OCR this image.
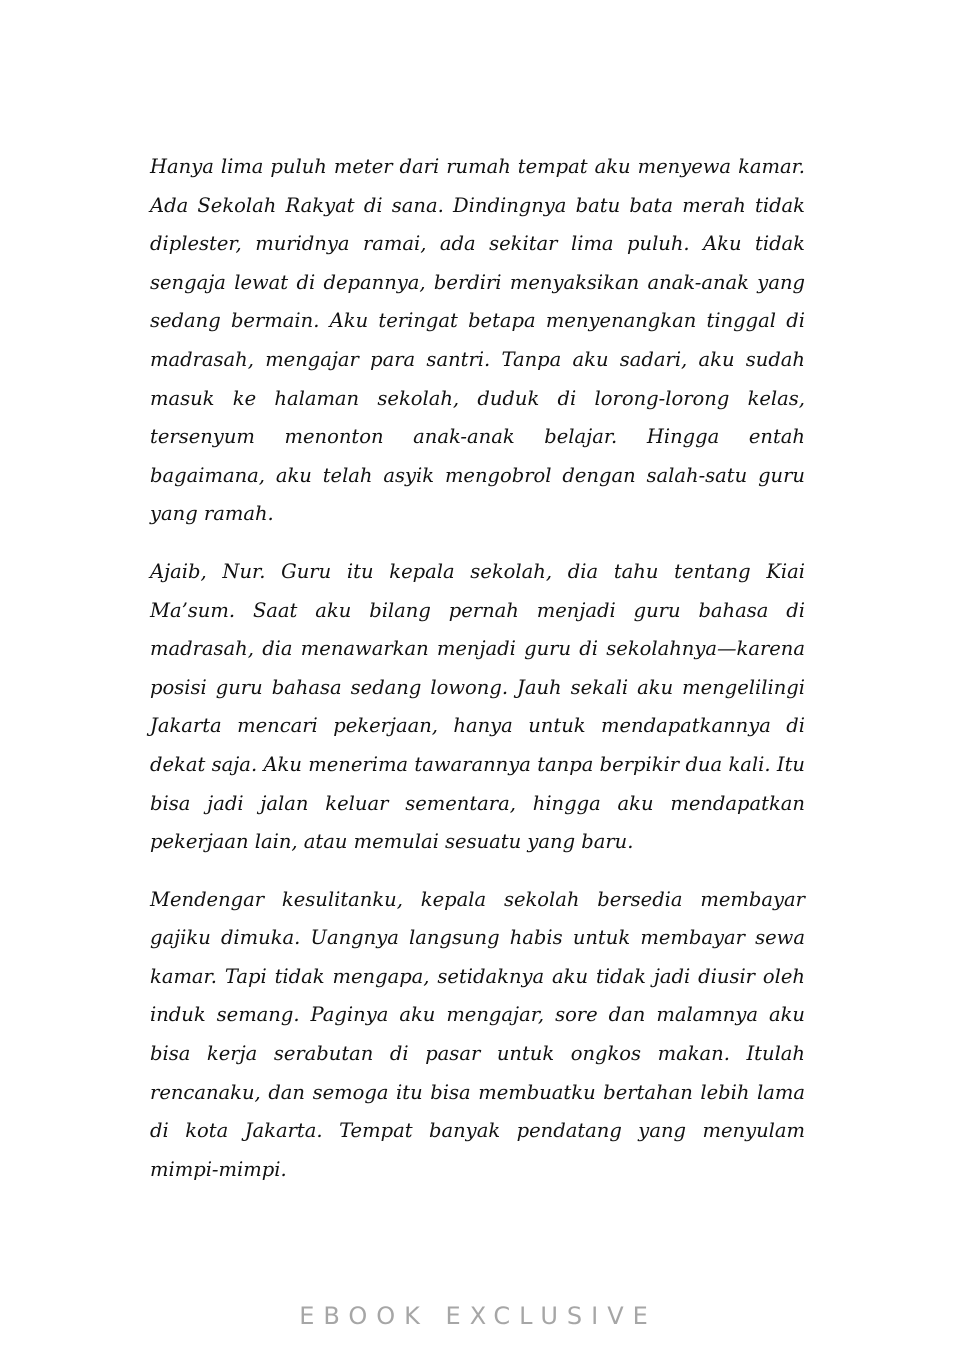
Hanya lima puluh meter dari rumah tempat aku menyewa kamar. Ada Sekolah Rakyat di sana. Dindingnya batu bata merah tidak diplester, muridnya ramai, ada sekitar lima puluh. Aku tidak sengaja lewat di depannya, berdiri menyaksikan anak-anak yang sedang bermain. Aku teringat betapa menyenangkan tinggal di madrasah, mengajar para santri. Tanpa aku sadari, aku sudah masuk ke halaman sekolah, duduk di lorong-lorong kelas, tersenyum menonton anak-anak belajar. Hingga entah bagaimana, aku telah asyik mengobrol dengan salah-satu guru yang ramah.

Ajaib, Nur. Guru itu kepala sekolah, dia tahu tentang Kiai Ma’sum. Saat aku bilang pernah menjadi guru bahasa di madrasah, dia menawarkan menjadi guru di sekolahnya—karena posisi guru bahasa sedang lowong. Jauh sekali aku mengelilingi Jakarta mencari pekerjaan, hanya untuk mendapatkannya di dekat saja. Aku menerima tawarannya tanpa berpikir dua kali. Itu bisa jadi jalan keluar sementara, hingga aku mendapatkan pekerjaan lain, atau memulai sesuatu yang baru.

Mendengar kesulitanku, kepala sekolah bersedia membayar gajiku dimuka. Uangnya langsung habis untuk membayar sewa kamar. Tapi tidak mengapa, setidaknya aku tidak jadi diusir oleh induk semang. Paginya aku mengajar, sore dan malamnya aku bisa kerja serabutan di pasar untuk ongkos makan. Itulah rencanaku, dan semoga itu bisa membuatku bertahan lebih lama di kota Jakarta. Tempat banyak pendatang yang menyulam mimpi-mimpi.

EBOOK EXCLUSIVE
